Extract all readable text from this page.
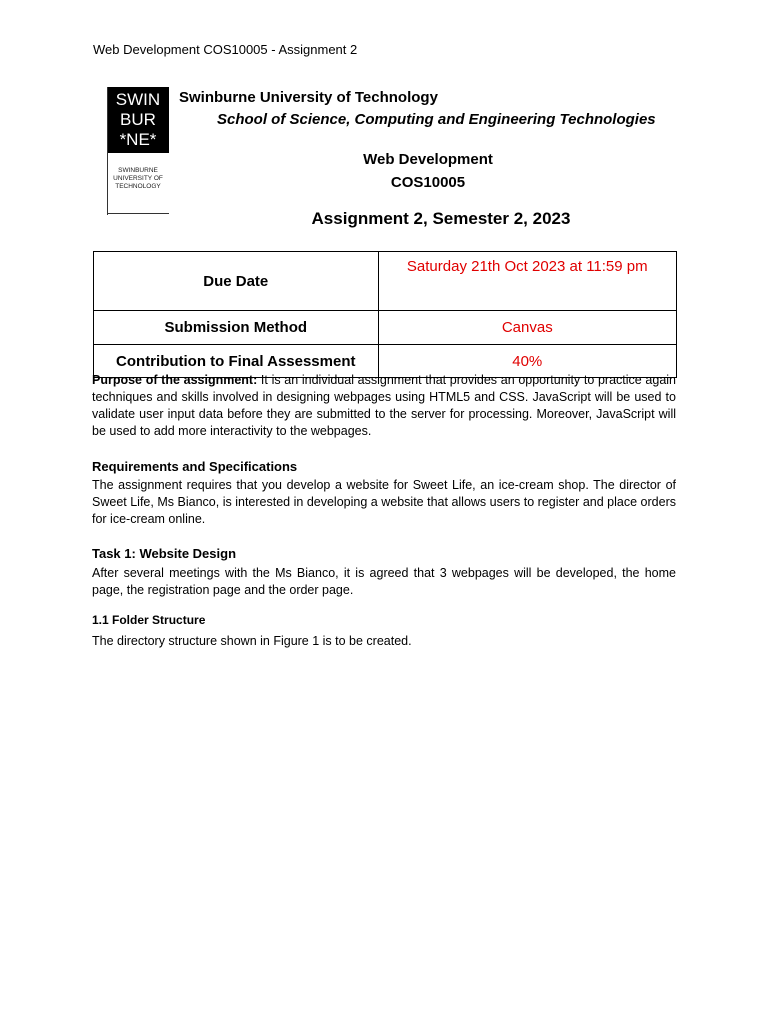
Web Development COS10005 - Assignment 2
SWIN
BUR
*NE*
SWINBURNE
UNIVERSITY OF
TECHNOLOGY
Swinburne University of Technology
School of Science, Computing and Engineering Technologies
Web Development
COS10005
Assignment 2, Semester 2, 2023
Due Date	Saturday 21th Oct 2023 at 11:59 pm
Submission Method	Canvas
Contribution to Final Assessment	40%
Purpose of the assignment: It is an individual assignment that provides an opportunity to practice again techniques and skills involved in designing webpages using HTML5 and CSS. JavaScript will be used to validate user input data before they are submitted to the server for processing. Moreover, JavaScript will be used to add more interactivity to the webpages.
Requirements and Specifications
The assignment requires that you develop a website for Sweet Life, an ice-cream shop. The director of Sweet Life, Ms Bianco, is interested in developing a website that allows users to register and place orders for ice-cream online.
Task 1: Website Design
After several meetings with the Ms Bianco, it is agreed that 3 webpages will be developed, the home page, the registration page and the order page.
1.1 Folder Structure
The directory structure shown in Figure 1 is to be created.
